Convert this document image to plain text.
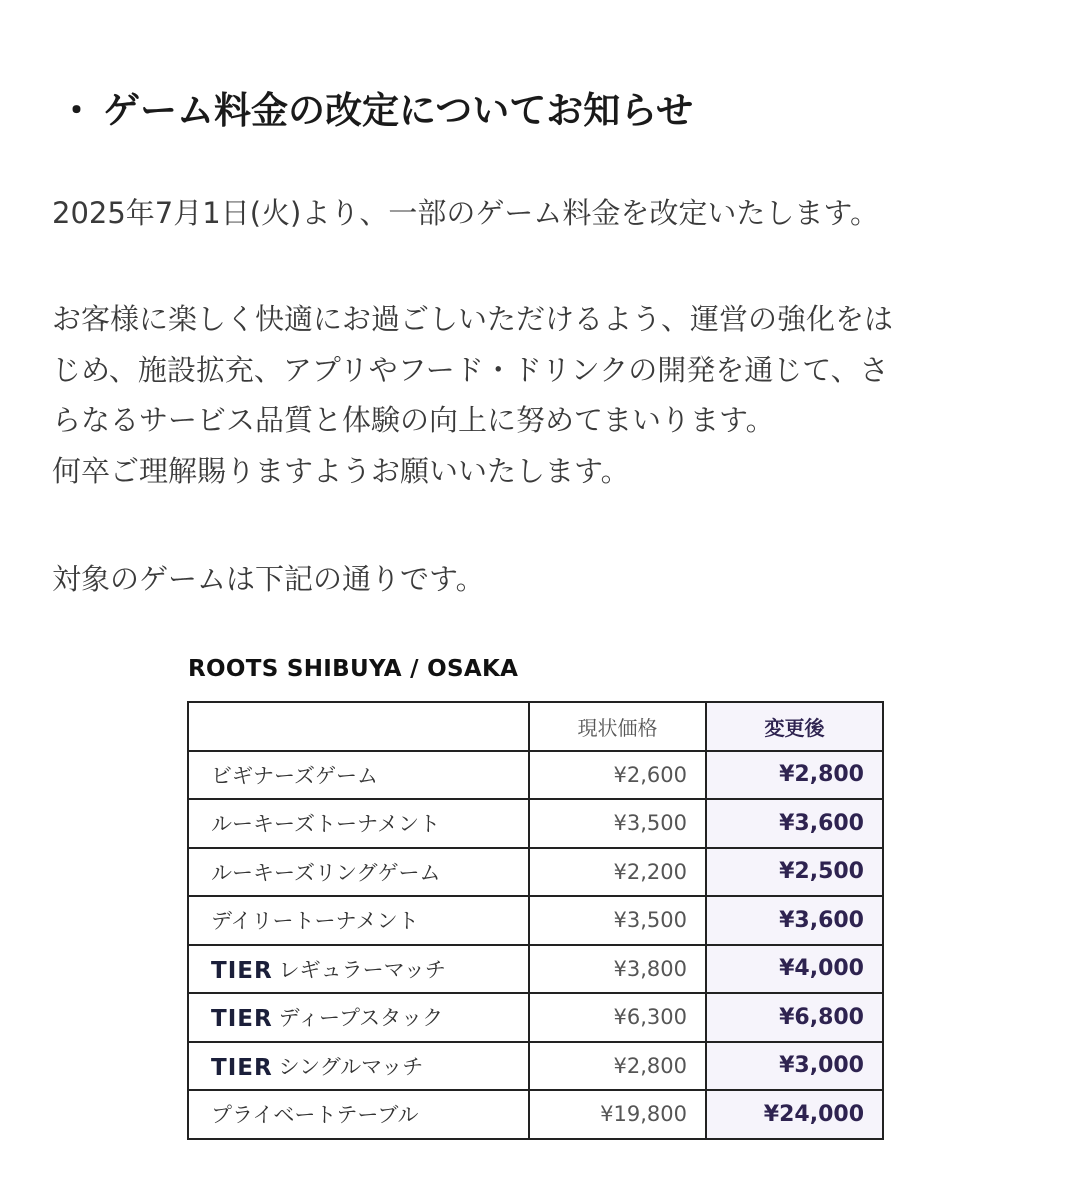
・ ゲーム料金の改定についてお知らせ
2025年7月1日(火)より、一部のゲーム料金を改定いたします。
お客様に楽しく快適にお過ごしいただけるよう、運営の強化をは
じめ、施設拡充、アプリやフード・ドリンクの開発を通じて、さ
らなるサービス品質と体験の向上に努めてまいります。
何卒ご理解賜りますようお願いいたします。
対象のゲームは下記の通りです。
ROOTS SHIBUYA / OSAKA
	現状価格	変更後
ビギナーズゲーム	¥2,600	¥2,800
ルーキーズトーナメント	¥3,500	¥3,600
ルーキーズリングゲーム	¥2,200	¥2,500
デイリートーナメント	¥3,500	¥3,600
TIER レギュラーマッチ	¥3,800	¥4,000
TIER ディープスタック	¥6,300	¥6,800
TIER シングルマッチ	¥2,800	¥3,000
プライベートテーブル	¥19,800	¥24,000
